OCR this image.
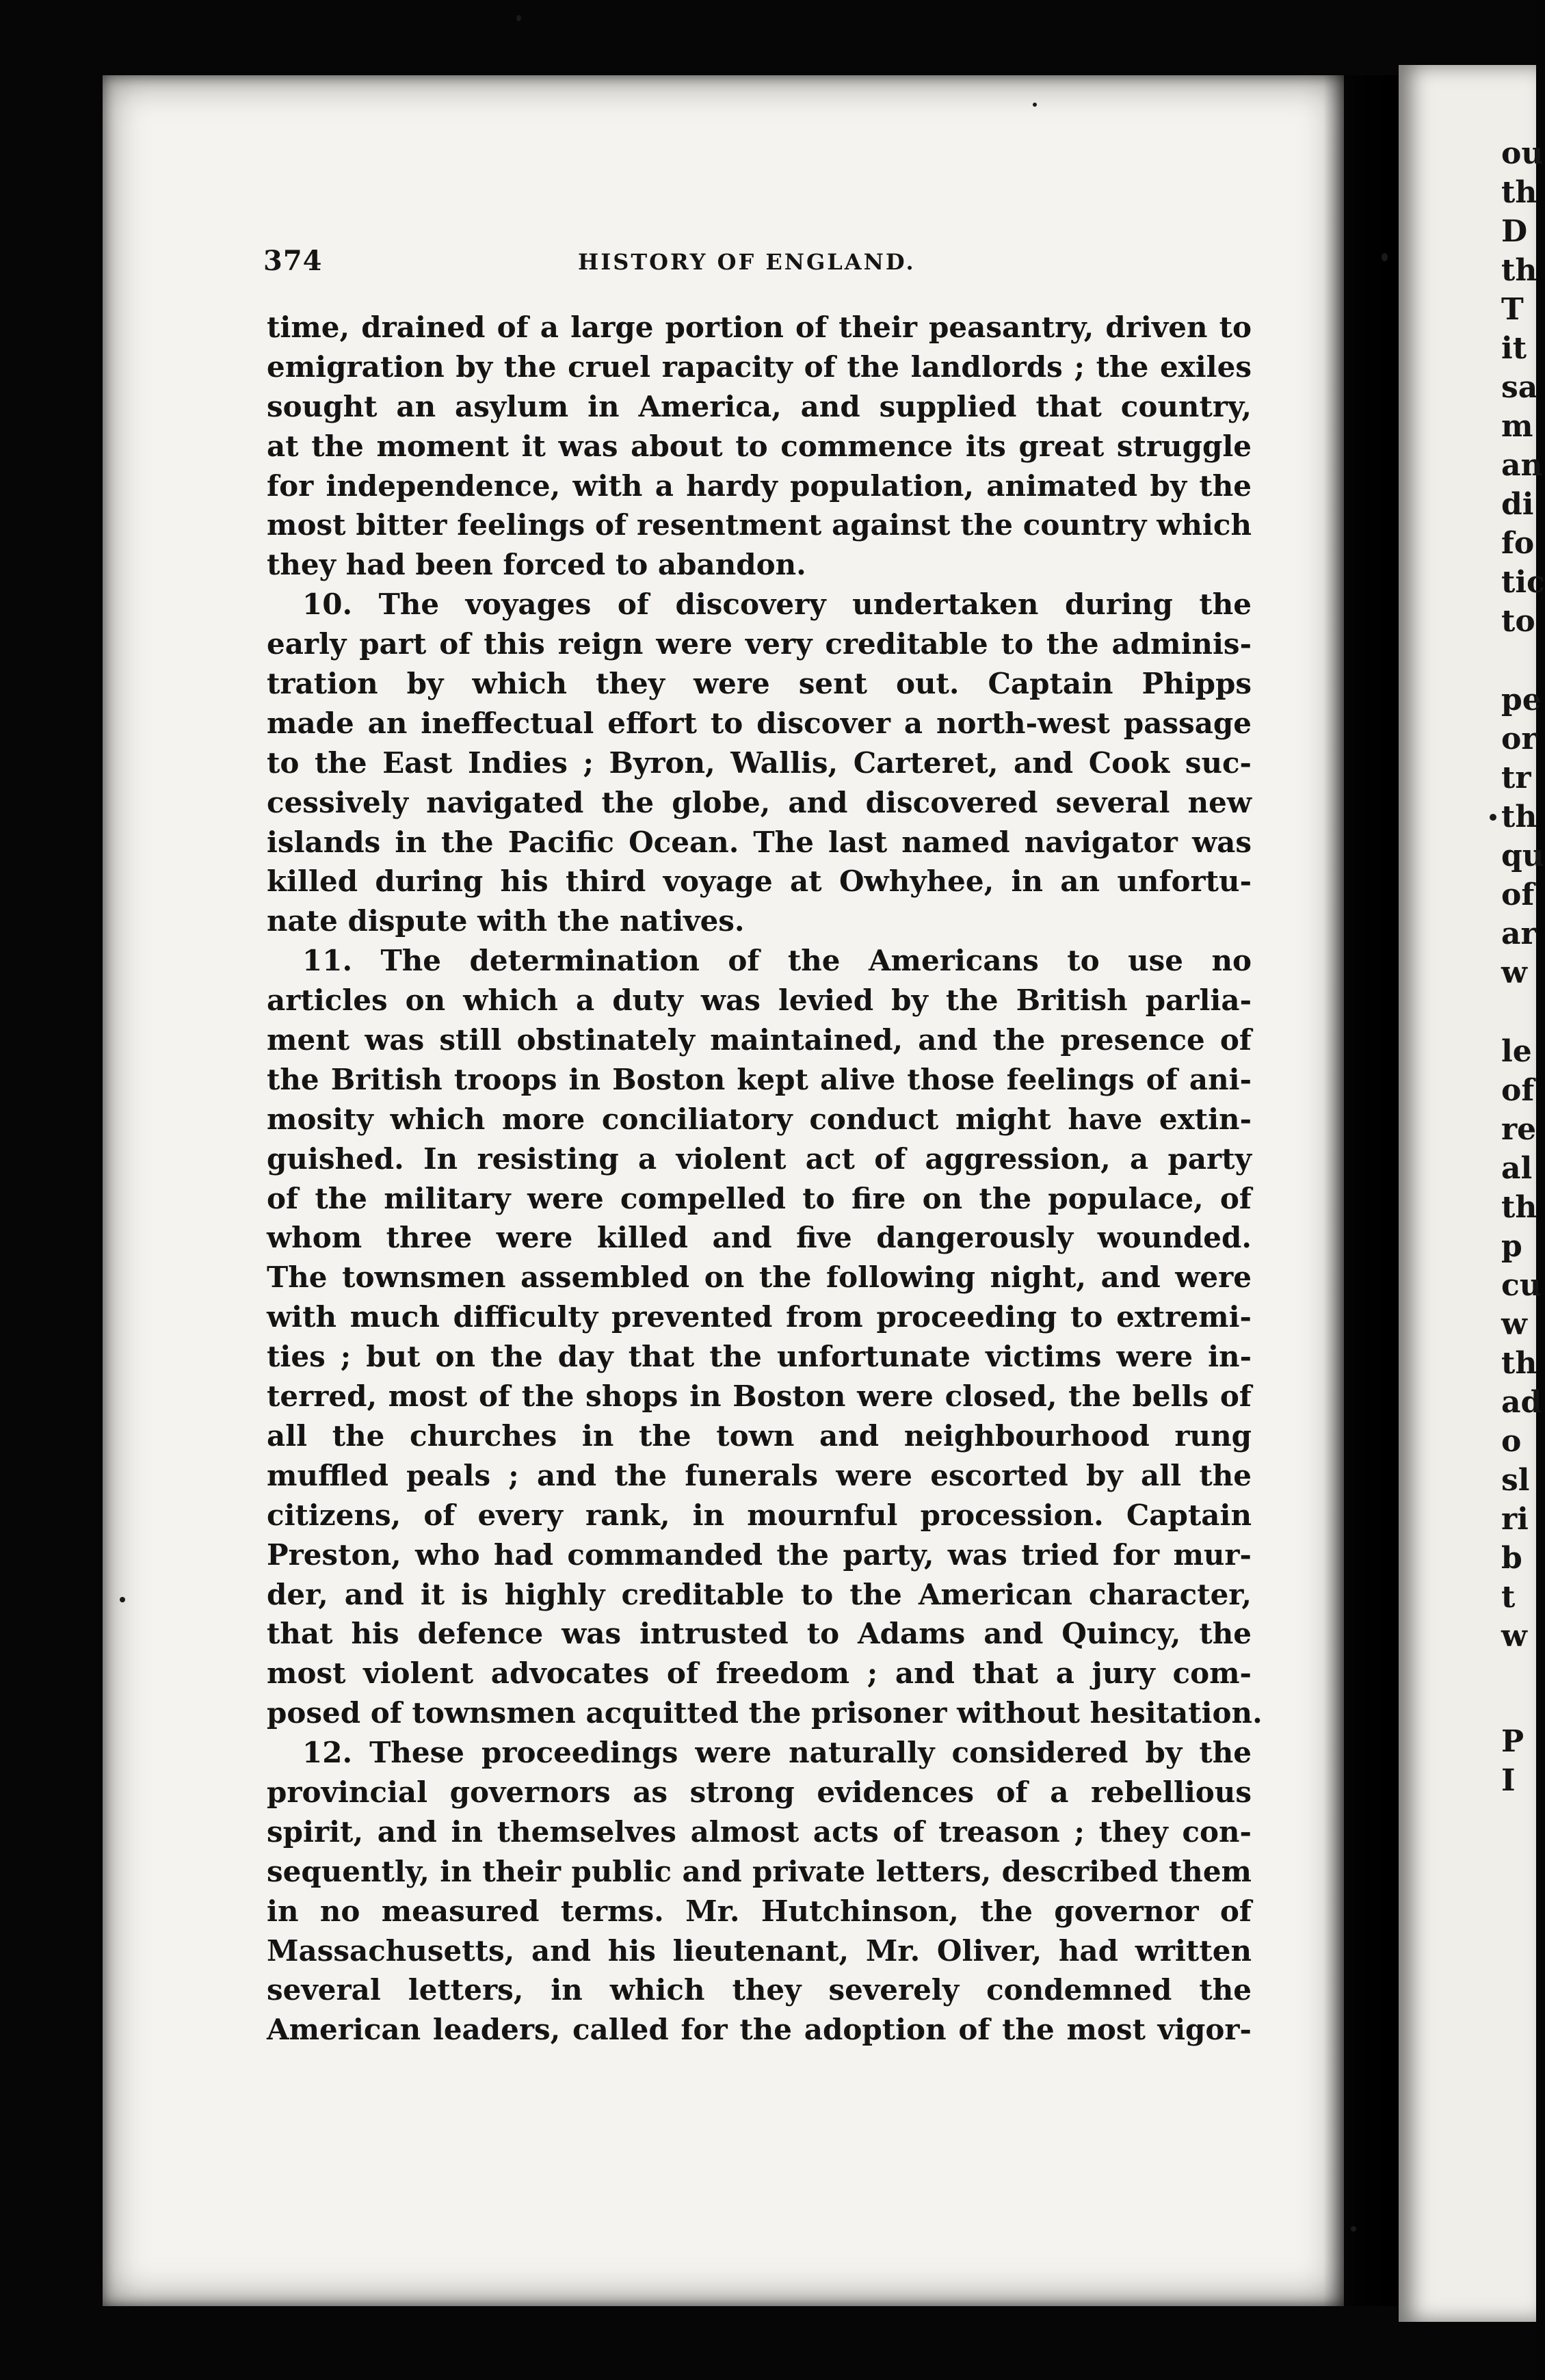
ou
th
D
th
T
it
sa
m
an
di
fo
tic
to
pe
or
tr
th
qu
of
ar
w
le
of
re
al
th
p
cu
w
th
ad
o
sl
ri
b
t
w
P
I
374	HISTORY OF ENGLAND.
time, drained of a large portion of their peasantry, driven to
emigration by the cruel rapacity of the landlords ; the exiles
sought an asylum in America, and supplied that country,
at the moment it was about to commence its great struggle
for independence, with a hardy population, animated by the
most bitter feelings of resentment against the country which
they had been forced to abandon.
10. The voyages of discovery undertaken during the
early part of this reign were very creditable to the adminis-
tration by which they were sent out. Captain Phipps
made an ineffectual effort to discover a north-west passage
to the East Indies ; Byron, Wallis, Carteret, and Cook suc-
cessively navigated the globe, and discovered several new
islands in the Pacific Ocean. The last named navigator was
killed during his third voyage at Owhyhee, in an unfortu-
nate dispute with the natives.
11. The determination of the Americans to use no
articles on which a duty was levied by the British parlia-
ment was still obstinately maintained, and the presence of
the British troops in Boston kept alive those feelings of ani-
mosity which more conciliatory conduct might have extin-
guished. In resisting a violent act of aggression, a party
of the military were compelled to fire on the populace, of
whom three were killed and five dangerously wounded.
The townsmen assembled on the following night, and were
with much difficulty prevented from proceeding to extremi-
ties ; but on the day that the unfortunate victims were in-
terred, most of the shops in Boston were closed, the bells of
all the churches in the town and neighbourhood rung
muffled peals ; and the funerals were escorted by all the
citizens, of every rank, in mournful procession. Captain
Preston, who had commanded the party, was tried for mur-
der, and it is highly creditable to the American character,
that his defence was intrusted to Adams and Quincy, the
most violent advocates of freedom ; and that a jury com-
posed of townsmen acquitted the prisoner without hesitation.
12. These proceedings were naturally considered by the
provincial governors as strong evidences of a rebellious
spirit, and in themselves almost acts of treason ; they con-
sequently, in their public and private letters, described them
in no measured terms. Mr. Hutchinson, the governor of
Massachusetts, and his lieutenant, Mr. Oliver, had written
several letters, in which they severely condemned the
American leaders, called for the adoption of the most vigor-
